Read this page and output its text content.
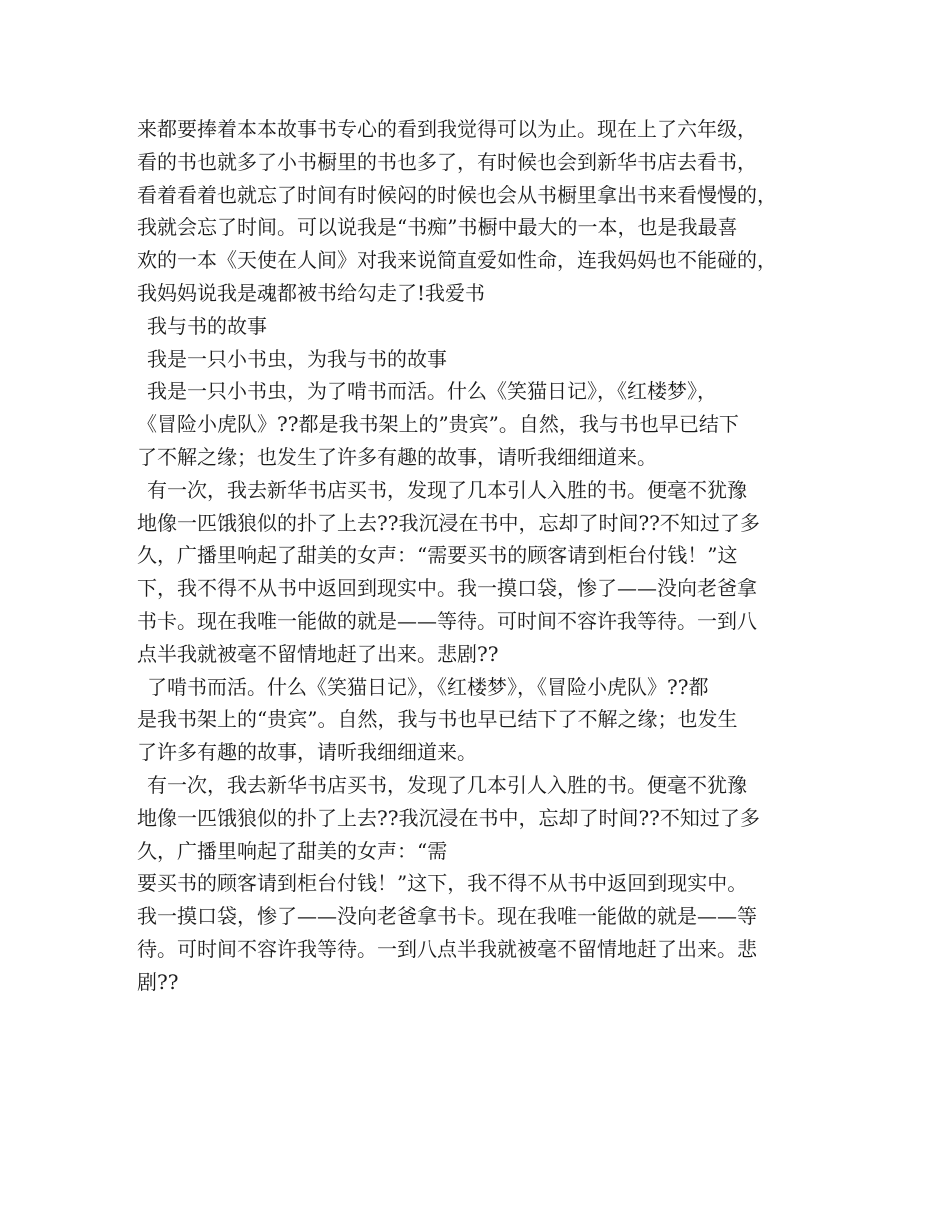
来都要捧着本本故事书专心的看到我觉得可以为止。现在上了六年级，
看的书也就多了小书橱里的书也多了，有时候也会到新华书店去看书，
看着看着也就忘了时间有时候闷的时候也会从书橱里拿出书来看慢慢的，
我就会忘了时间。可以说我是“书痴”书橱中最大的一本，也是我最喜
欢的一本《天使在人间》对我来说简直爱如性命，连我妈妈也不能碰的，
我妈妈说我是魂都被书给勾走了!我爱书
我与书的故事
我是一只小书虫，为我与书的故事
我是一只小书虫，为了啃书而活。什么《笑猫日记》，《红楼梦》，
《冒险小虎队》??都是我书架上的”贵宾”。自然，我与书也早已结下
了不解之缘；也发生了许多有趣的故事，请听我细细道来。
有一次，我去新华书店买书，发现了几本引人入胜的书。便毫不犹豫
地像一匹饿狼似的扑了上去??我沉浸在书中，忘却了时间??不知过了多
久，广播里响起了甜美的女声：“需要买书的顾客请到柜台付钱！”这
下，我不得不从书中返回到现实中。我一摸口袋，惨了——没向老爸拿
书卡。现在我唯一能做的就是——等待。可时间不容许我等待。一到八
点半我就被毫不留情地赶了出来。悲剧??
了啃书而活。什么《笑猫日记》，《红楼梦》，《冒险小虎队》??都
是我书架上的“贵宾”。自然，我与书也早已结下了不解之缘；也发生
了许多有趣的故事，请听我细细道来。
有一次，我去新华书店买书，发现了几本引人入胜的书。便毫不犹豫
地像一匹饿狼似的扑了上去??我沉浸在书中，忘却了时间??不知过了多
久，广播里响起了甜美的女声：“需
要买书的顾客请到柜台付钱！”这下，我不得不从书中返回到现实中。
我一摸口袋，惨了——没向老爸拿书卡。现在我唯一能做的就是——等
待。可时间不容许我等待。一到八点半我就被毫不留情地赶了出来。悲
剧??
